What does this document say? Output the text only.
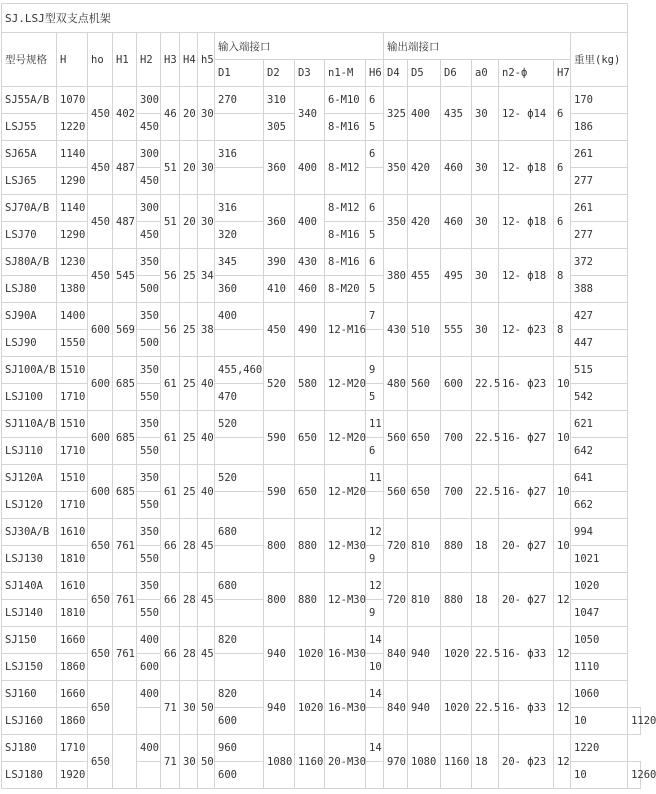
SJ.LSJ型双支点机架																				
型号规格	H	ho	H1	H2	H3	H4	h5	输入端接口					输出端接口						重里(kg)	
								D1	D2	D3	n1-M	H6	D4	D5	D6	a0	n2-ф	H7		
SJ55A/B	1070	450	402	300	46	20	30	270	310	340	6-M10	6	325	400	435	30	12- ф14	6	170	
LSJ55	1220			450					305		8-M16	5							186	
SJ65A	1140	450	487	300	51	20	30	316	360	400	8-M12	6	350	420	460	30	12- ф18	6	261	
LSJ65	1290			450															277	
SJ70A/B	1140	450	487	300	51	20	30	316	360	400	8-M12	6	350	420	460	30	12- ф18	6	261	
LSJ70	1290			450				320			8-M16	5							277	
SJ80A/B	1230	450	545	350	56	25	34	345	390	430	8-M16	6	380	455	495	30	12- ф18	8	372	
LSJ80	1380			500				360	410	460	8-M20	5							388	
SJ90A	1400	600	569	350	56	25	38	400	450	490	12-M16	7	430	510	555	30	12- ф23	8	427	
LSJ90	1550			500															447	
SJ100A/B	1510	600	685	350	61	25	40	455,460	520	580	12-M20	9	480	560	600	22.5	16- ф23	10	515	
LSJ100	1710			550				470				5							542	
SJ110A/B	1510	600	685	350	61	25	40	520	590	650	12-M20	11	560	650	700	22.5	16- ф27	10	621	
LSJ110	1710			550								6							642	
SJ120A	1510	600	685	350	61	25	40	520	590	650	12-M20	11	560	650	700	22.5	16- ф27	10	641	
LSJ120	1710			550															662	
SJ30A/B	1610	650	761	350	66	28	45	680	800	880	12-M30	12	720	810	880	18	20- ф27	10	994	
LSJ130	1810			550								9							1021	
SJ140A	1610	650	761	350	66	28	45	680	800	880	12-M30	12	720	810	880	18	20- ф27	12	1020	
LSJ140	1810			550								9							1047	
SJ150	1660	650	761	400	66	28	45	820	940	1020	16-M30	14	840	940	1020	22.5	16- ф33	12	1050	
LSJ150	1860			600								10							1110	
SJ160	1660	650		400	71	30	50	820	940	1020	16-M30	14	840	940	1020	22.5	16- ф33	12	1060	
LSJ160	1860							600											10	1120
SJ180	1710	650		400	71	30	50	960	1080	1160	20-M30	14	970	1080	1160	18	20- ф23	12	1220	
LSJ180	1920							600											10	1260
